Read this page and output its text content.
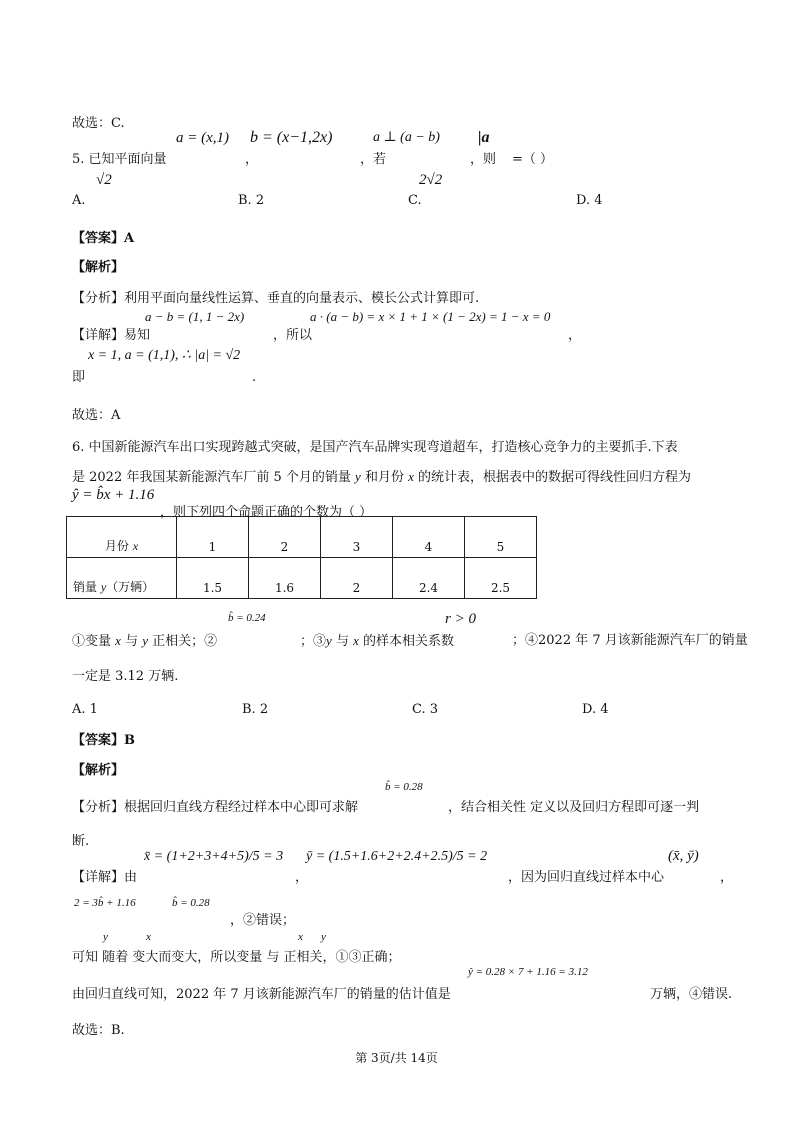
故选：C.
a = (x,1) b = (x−1,2x)	a ⊥ (a − b) |a
5. 已知平面向量	，	，若	，则 =（ ）
√2	2√2
A.	B. 2	C.	D. 4
【答案】A
【解析】
【分析】利用平面向量线性运算、垂直的向量表示、模长公式计算即可.
a − b = (1, 1 − 2x)	a · (a − b) = x × 1 + 1 × (1 − 2x) = 1 − x = 0
【详解】易知	，所以	，
x = 1, a = (1,1), ∴ |a| = √2
即	.
故选：A
6. 中国新能源汽车出口实现跨越式突破，是国产汽车品牌实现弯道超车，打造核心竞争力的主要抓手.下表
是 2022 年我国某新能源汽车厂前 5 个月的销量 y 和月份 x 的统计表，根据表中的数据可得线性回归方程为
ŷ = b̂x + 1.16
，则下列四个命题正确的个数为（ ）
月份 x	1	2	3	4	5

销量 y（万辆）	1.5	1.6	2	2.4	2.5
b̂ = 0.24	r > 0
①变量 x 与 y 正相关；②	；③y 与 x 的样本相关系数	；④2022 年 7 月该新能源汽车厂的销量
一定是 3.12 万辆.
A. 1	B. 2	C. 3	D. 4
【答案】B
【解析】
b̂ = 0.28
【分析】根据回归直线方程经过样本中心即可求解	，结合相关性 定义以及回归方程即可逐一判
断.
x̄ = (1+2+3+4+5)/5 = 3 ȳ = (1.5+1.6+2+2.4+2.5)/5 = 2	(x̄, ȳ)
【详解】由	，	，因为回归直线过样本中心	，
2 = 3b̂ + 1.16	b̂ = 0.28
，②错误；
y	x	x y
可知 随着 变大而变大，所以变量 与 正相关，①③正确；
ŷ = 0.28 × 7 + 1.16 = 3.12
由回归直线可知，2022 年 7 月该新能源汽车厂的销量的估计值是	万辆，④错误.
故选：B.
第 3页/共 14页
